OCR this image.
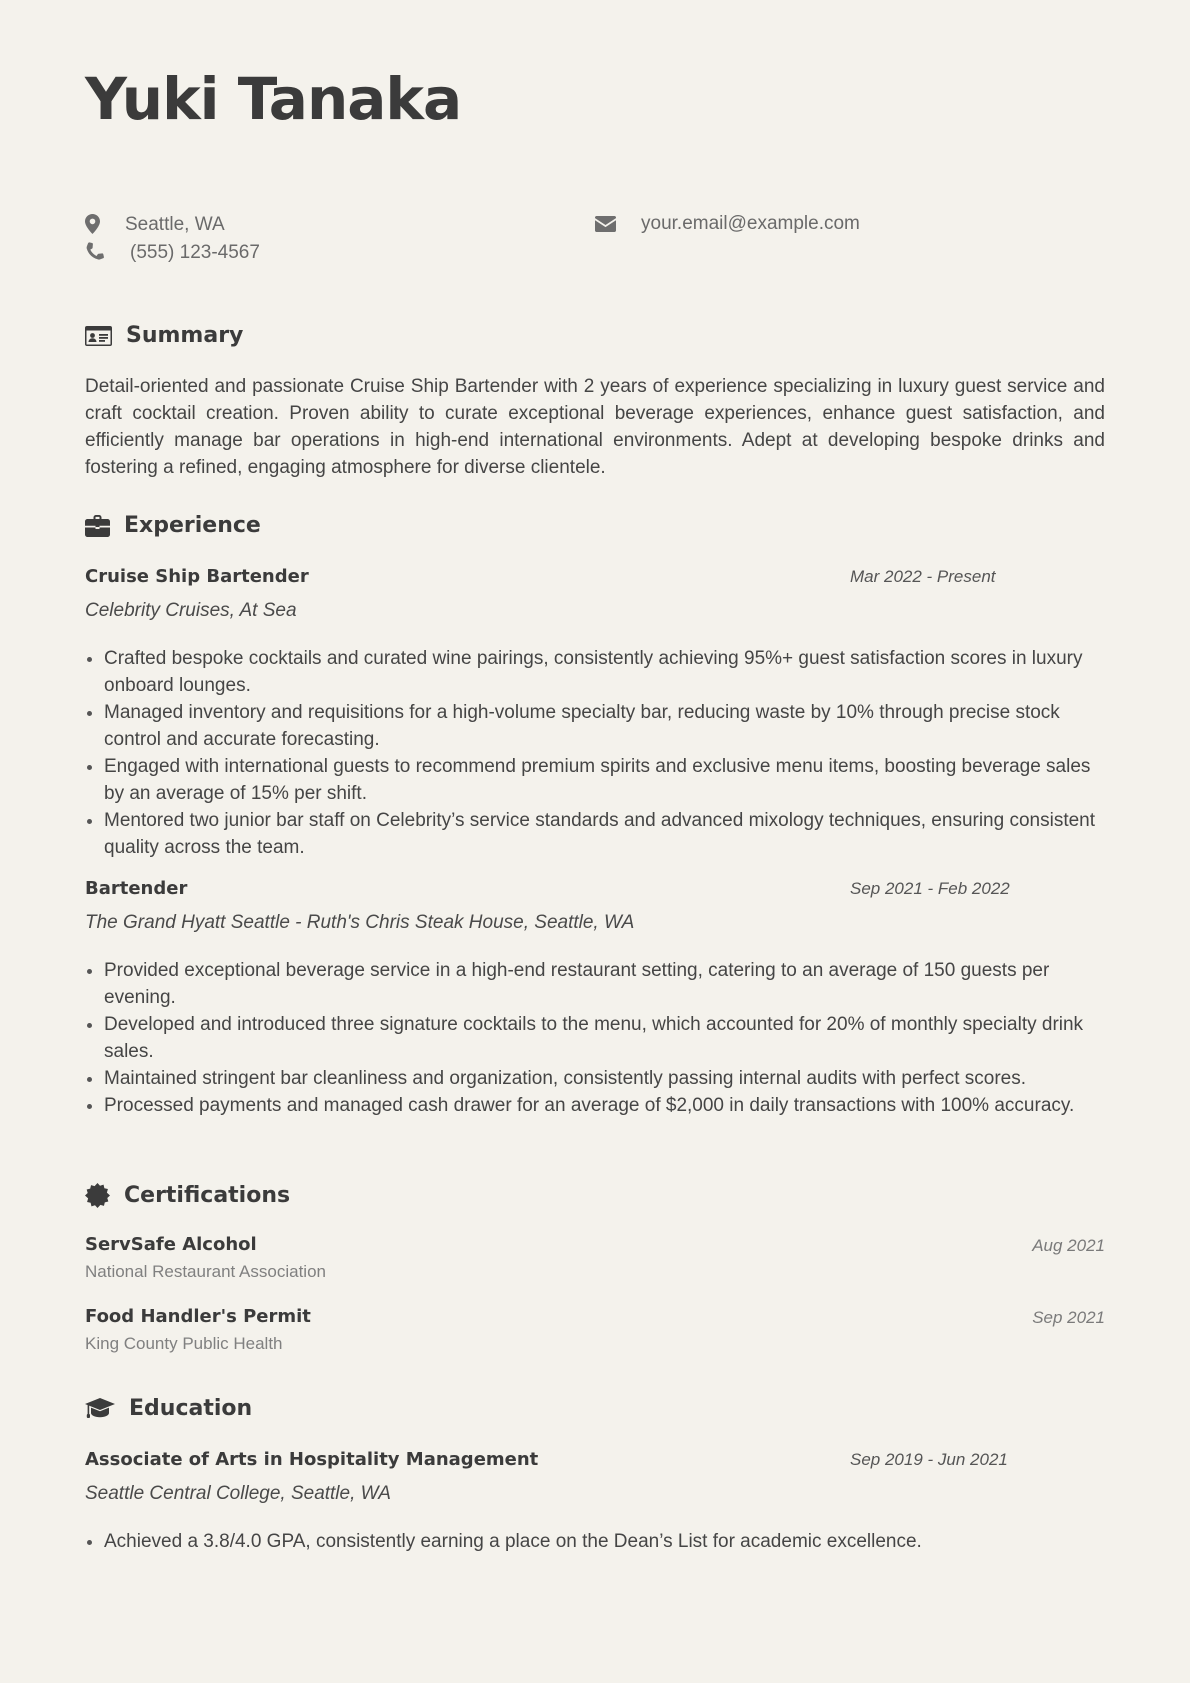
Yuki Tanaka
Seattle, WA	your.email@example.com
(555) 123-4567
Summary
Detail-oriented and passionate Cruise Ship Bartender with 2 years of experience specializing in luxury guest service and craft cocktail creation. Proven ability to curate exceptional beverage experiences, enhance guest satisfaction, and efficiently manage bar operations in high-end international environments. Adept at developing bespoke drinks and fostering a refined, engaging atmosphere for diverse clientele.
Experience
Cruise Ship Bartender	Mar 2022 - Present
Celebrity Cruises, At Sea
Crafted bespoke cocktails and curated wine pairings, consistently achieving 95%+ guest satisfaction scores in luxury onboard lounges.
Managed inventory and requisitions for a high-volume specialty bar, reducing waste by 10% through precise stock control and accurate forecasting.
Engaged with international guests to recommend premium spirits and exclusive menu items, boosting beverage sales by an average of 15% per shift.
Mentored two junior bar staff on Celebrity’s service standards and advanced mixology techniques, ensuring consistent quality across the team.
Bartender	Sep 2021 - Feb 2022
The Grand Hyatt Seattle - Ruth's Chris Steak House, Seattle, WA
Provided exceptional beverage service in a high-end restaurant setting, catering to an average of 150 guests per evening.
Developed and introduced three signature cocktails to the menu, which accounted for 20% of monthly specialty drink sales.
Maintained stringent bar cleanliness and organization, consistently passing internal audits with perfect scores.
Processed payments and managed cash drawer for an average of $2,000 in daily transactions with 100% accuracy.
Certifications
ServSafe Alcohol	Aug 2021
National Restaurant Association
Food Handler's Permit	Sep 2021
King County Public Health
Education
Associate of Arts in Hospitality Management	Sep 2019 - Jun 2021
Seattle Central College, Seattle, WA
Achieved a 3.8/4.0 GPA, consistently earning a place on the Dean’s List for academic excellence.
